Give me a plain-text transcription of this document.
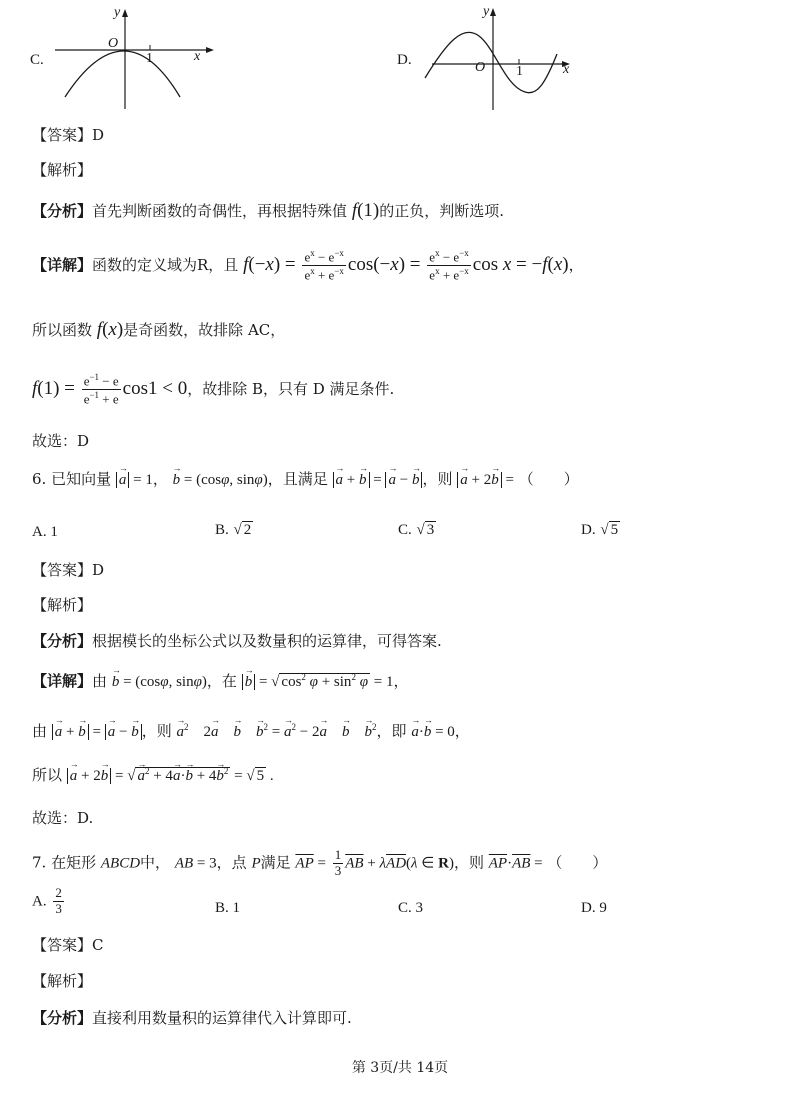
C.
y
x
O
1	D.
y
x
O 1
【答案】D
【解析】
【分析】首先判断函数的奇偶性，再根据特殊值 f(1)的正负，判断选项.
【详解】函数的定义域为R，且 $f(-x) = \frac{e^x - e^{-x}}{e^x + e^{-x}} \cos(-x) = \frac{e^x - e^{-x}}{e^x + e^{-x}}$ cos x = −f(x)，
所以函数 f(x)是奇函数，故排除 AC，
$f(1) = \frac{e^{-1} - e}{e^{-1} + e} \cos 1 < 0$，故排除 B，只有 D 满足条件.
故选：D
6. 已知向量 → a = 1， → b = (cosφ, sinφ)，且满足 → a + → b = → a − → b ，则 → a + 2→ b = （　　）
A. 1	B. √ 2	C. √ 3	D. √ 5
【答案】D
【解析】
【分析】根据模长的坐标公式以及数量积的运算律，可得答案.
【详解】由 → b = (cosφ, sinφ)，在 → b = √ $\cos^2 \varphi + \sin^2 \varphi = 1$，
由 → a + → b = → a − → b ，则 → $a^2$　2→ a　 → b　 → $b^2$ = → $a^2 - 2\to a$　 → b　 → $b^2$，即 → a·→ b = 0，
所以 → a + 2→ b = √ → $a^2 + 4\to a\cdot\to b + 4\to b^2$ = √ 5 .
故选：D.
7. 在矩形 ABCD中， AB = 3，点 P满足 $\overline{AP} = \frac{1}{3} \overline{AB} + \lambda\overline{AD}(\lambda$ ∈ R)，则 $\overline{AP}\cdot\overline{AB}$ = （　　）
A. $\frac{2}{3}$	B. 1	C. 3	D. 9
【答案】C
【解析】
【分析】直接利用数量积的运算律代入计算即可.
第 3页/共 14页
